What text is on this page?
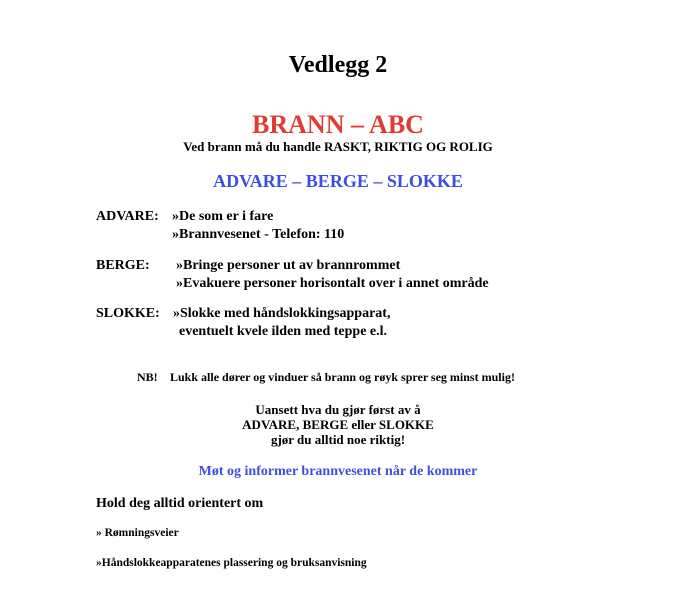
Vedlegg 2
BRANN – ABC
Ved brann må du handle RASKT, RIKTIG OG ROLIG
ADVARE – BERGE – SLOKKE
ADVARE: »De som er i fare
»Brannvesenet - Telefon: 110
BERGE: »Bringe personer ut av brannrommet
»Evakuere personer horisontalt over i annet område
SLOKKE: »Slokke med håndslokkingsapparat,
eventuelt kvele ilden med teppe e.l.
NB! Lukk alle dører og vinduer så brann og røyk sprer seg minst mulig!
Uansett hva du gjør først av å
ADVARE, BERGE eller SLOKKE
gjør du alltid noe riktig!
Møt og informer brannvesenet når de kommer
Hold deg alltid orientert om
» Rømningsveier
»Håndslokkeapparatenes plassering og bruksanvisning
